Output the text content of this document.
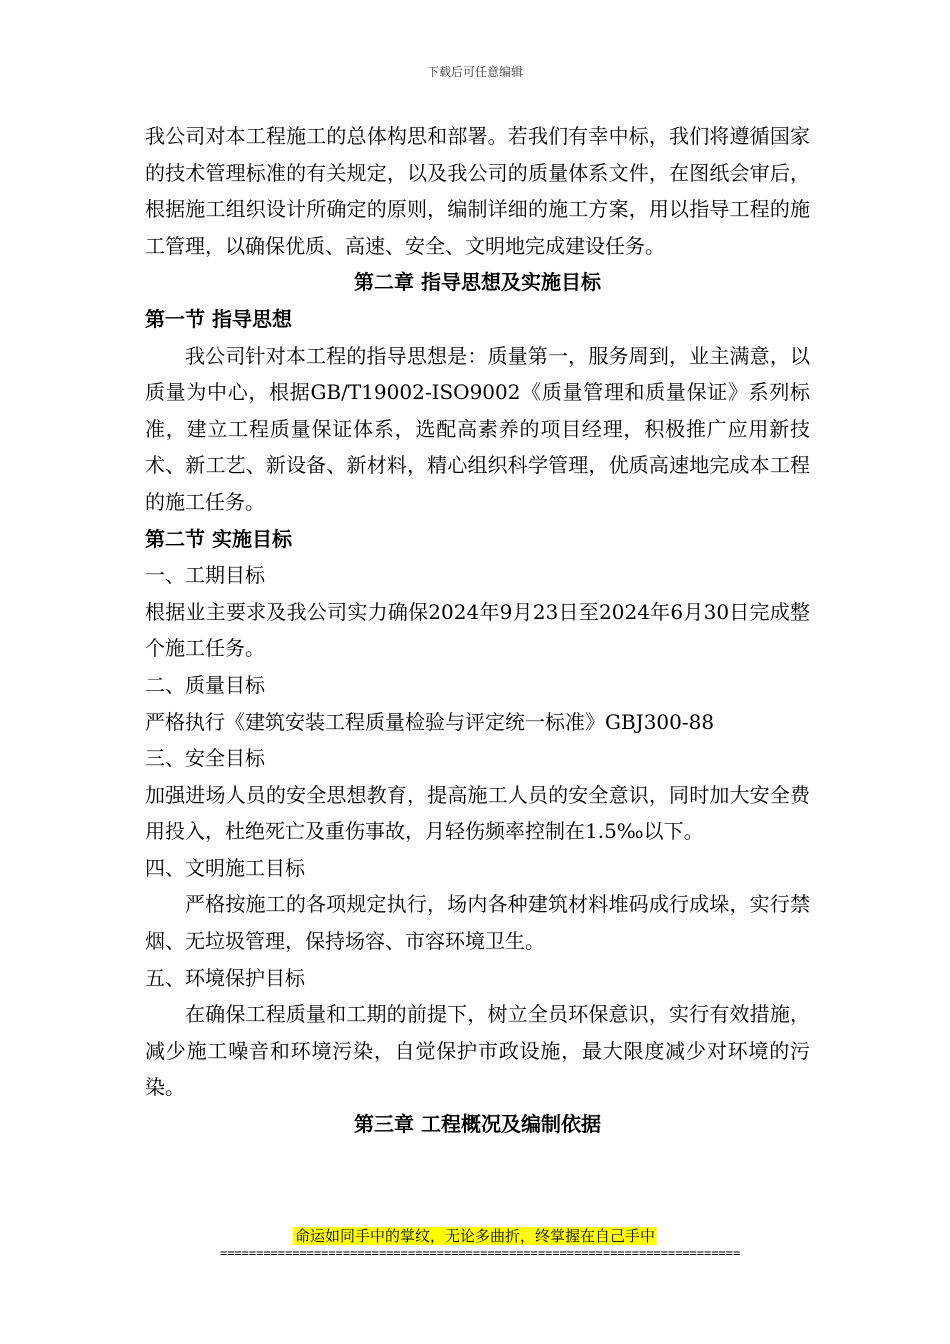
下载后可任意编辑

我公司对本工程施工的总体构思和部署。若我们有幸中标，我们将遵循国家的技术管理标准的有关规定，以及我公司的质量体系文件，在图纸会审后，根据施工组织设计所确定的原则，编制详细的施工方案，用以指导工程的施工管理，以确保优质、高速、安全、文明地完成建设任务。

第二章 指导思想及实施目标

第一节 指导思想

我公司针对本工程的指导思想是：质量第一，服务周到，业主满意，以质量为中心，根据GB/T19002-ISO9002《质量管理和质量保证》系列标准，建立工程质量保证体系，选配高素养的项目经理，积极推广应用新技术、新工艺、新设备、新材料，精心组织科学管理，优质高速地完成本工程的施工任务。

第二节 实施目标

一、工期目标

根据业主要求及我公司实力确保2024年9月23日至2024年6月30日完成整个施工任务。

二、质量目标

严格执行《建筑安装工程质量检验与评定统一标准》GBJ300-88

三、安全目标

加强进场人员的安全思想教育，提高施工人员的安全意识，同时加大安全费用投入，杜绝死亡及重伤事故，月轻伤频率控制在1.5‰以下。

四、文明施工目标

严格按施工的各项规定执行，场内各种建筑材料堆码成行成垛，实行禁烟、无垃圾管理，保持场容、市容环境卫生。

五、环境保护目标

在确保工程质量和工期的前提下，树立全员环保意识，实行有效措施，减少施工噪音和环境污染，自觉保护市政设施，最大限度减少对环境的污染。

第三章 工程概况及编制依据

命运如同手中的掌纹，无论多曲折，终掌握在自己手中
========================================================================
